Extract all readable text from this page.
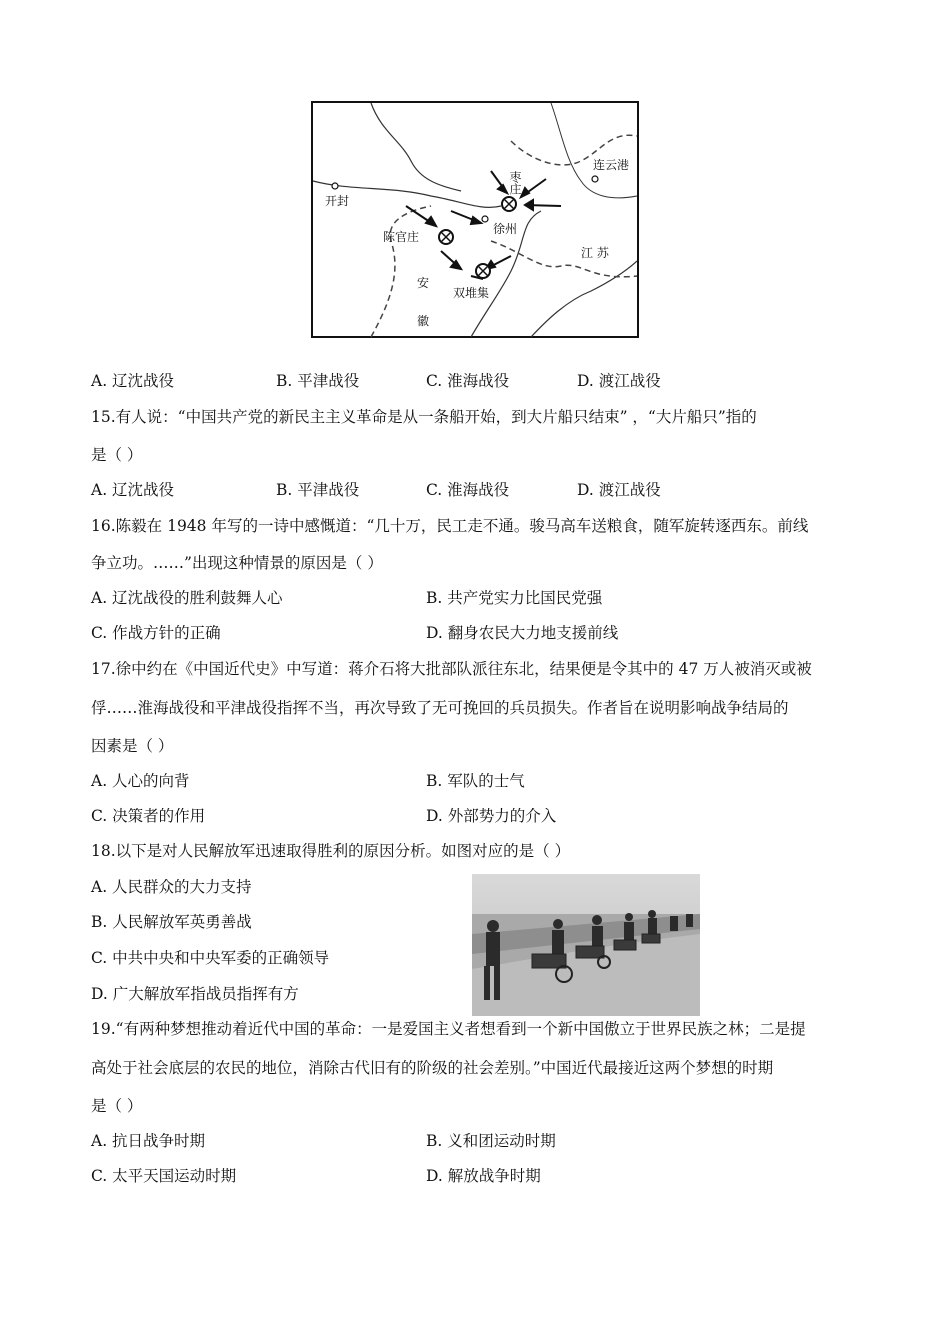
开封
枣庄
连云港
徐州
陈官庄
双堆集
江 苏
安
徽
A. 辽沈战役	B. 平津战役	C. 淮海战役	D. 渡江战役
15.有人说：“中国共产党的新民主主义革命是从一条船开始，到大片船只结束” ，“大片船只”指的
是（ ）
A. 辽沈战役	B. 平津战役	C. 淮海战役	D. 渡江战役
16.陈毅在 1948 年写的一诗中感慨道：“几十万，民工走不通。骏马高车送粮食，随军旋转逐西东。前线
争立功。……”出现这种情景的原因是（ ）
A. 辽沈战役的胜利鼓舞人心	B. 共产党实力比国民党强
C. 作战方针的正确	D. 翻身农民大力地支援前线
17.徐中约在《中国近代史》中写道：蒋介石将大批部队派往东北，结果便是令其中的 47 万人被消灭或被
俘……淮海战役和平津战役指挥不当，再次导致了无可挽回的兵员损失。作者旨在说明影响战争结局的
因素是（ ）
A. 人心的向背	B. 军队的士气
C. 决策者的作用	D. 外部势力的介入
18.以下是对人民解放军迅速取得胜利的原因分析。如图对应的是（ ）
A. 人民群众的大力支持
B. 人民解放军英勇善战
C. 中共中央和中央军委的正确领导
D. 广大解放军指战员指挥有方
19.“有两种梦想推动着近代中国的革命：一是爱国主义者想看到一个新中国傲立于世界民族之林；二是提
高处于社会底层的农民的地位，消除古代旧有的阶级的社会差别。”中国近代最接近这两个梦想的时期
是（ ）
A. 抗日战争时期	B. 义和团运动时期
C. 太平天国运动时期	D. 解放战争时期
